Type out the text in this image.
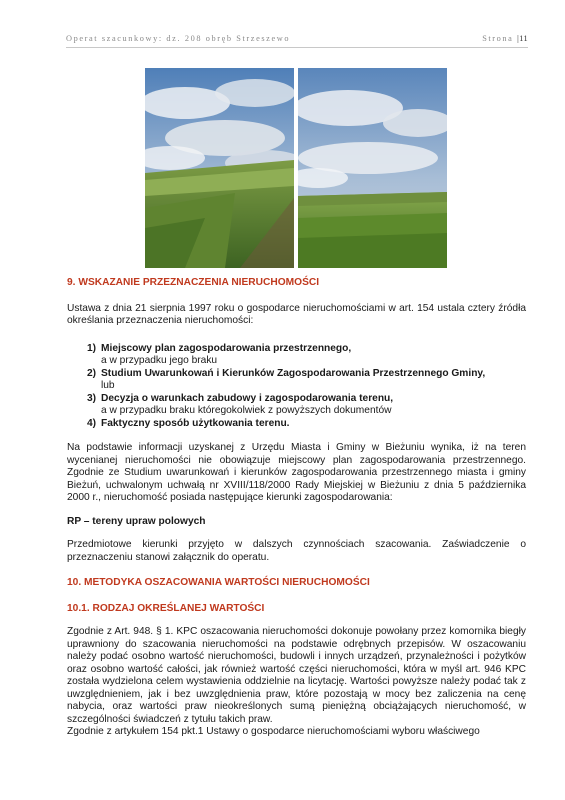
Operat szacunkowy: dz. 208 obręb Strzeszewo	Strona |11

9. WSKAZANIE PRZEZNACZENIA NIERUCHOMOŚCI

Ustawa z dnia 21 sierpnia 1997 roku o gospodarce nieruchomościami w art. 154 ustala cztery źródła określania przeznaczenia nieruchomości:

1) Miejscowy plan zagospodarowania przestrzennego,
a w przypadku jego braku
2) Studium Uwarunkowań i Kierunków Zagospodarowania Przestrzennego Gminy,
lub
3) Decyzja o warunkach zabudowy i zagospodarowania terenu,
a w przypadku braku któregokolwiek z powyższych dokumentów
4) Faktyczny sposób użytkowania terenu.

Na podstawie informacji uzyskanej z Urzędu Miasta i Gminy w Bieżuniu wynika, iż na teren wycenianej nieruchomości nie obowiązuje miejscowy plan zagospodarowania przestrzennego. Zgodnie ze Studium uwarunkowań i kierunków zagospodarowania przestrzennego miasta i gminy Bieżuń, uchwalonym uchwałą nr XVIII/118/2000 Rady Miejskiej w Bieżuniu z dnia 5 października 2000 r., nieruchomość posiada następujące kierunki zagospodarowania:

RP – tereny upraw polowych

Przedmiotowe kierunki przyjęto w dalszych czynnościach szacowania. Zaświadczenie o przeznaczeniu stanowi załącznik do operatu.

10. METODYKA OSZACOWANIA WARTOŚCI NIERUCHOMOŚCI

10.1. RODZAJ OKREŚLANEJ WARTOŚCI

Zgodnie z Art. 948. § 1. KPC oszacowania nieruchomości dokonuje powołany przez komornika biegły uprawniony do szacowania nieruchomości na podstawie odrębnych przepisów. W oszacowaniu należy podać osobno wartość nieruchomości, budowli i innych urządzeń, przynależności i pożytków oraz osobno wartość całości, jak również wartość części nieruchomości, która w myśl art. 946 KPC została wydzielona celem wystawienia oddzielnie na licytację. Wartości powyższe należy podać tak z uwzględnieniem, jak i bez uwzględnienia praw, które pozostają w mocy bez zaliczenia na cenę nabycia, oraz wartości praw nieokreślonych sumą pieniężną obciążających nieruchomość, w szczególności świadczeń z tytułu takich praw.

Zgodnie z artykułem 154 pkt.1 Ustawy o gospodarce nieruchomościami wyboru właściwego
